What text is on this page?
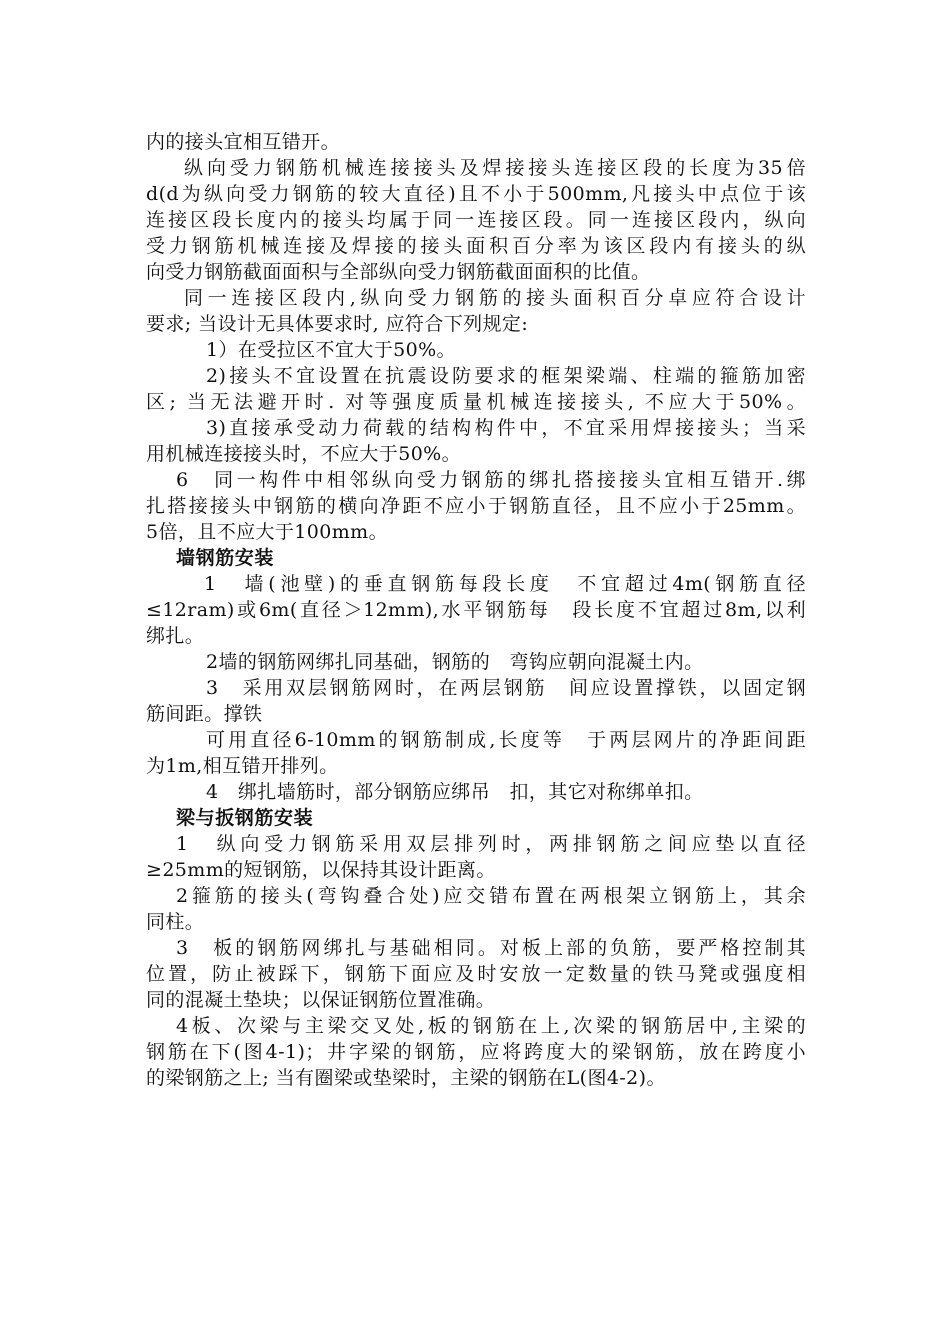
内的接头宜相互错开。
纵向受力钢筋机械连接接头及焊接接头连接区段的长度为35倍
d(d为纵向受力钢筋的较大直径)且不小于500mm,凡接头中点位于该
连接区段长度内的接头均属于同一连接区段。同一连接区段内，纵向
受力钢筋机械连接及焊接的接头面积百分率为该区段内有接头的纵
向受力钢筋截面面积与全部纵向受力钢筋截面面积的比值。
同一连接区段内,纵向受力钢筋的接头面积百分卓应符合设计
要求; 当设计无具体要求时, 应符合下列规定:
1）在受拉区不宜大于50%。
2)接头不宜设置在抗震设防要求的框架梁端、柱端的箍筋加密
区; 当无法避开时. 对等强度质量机械连接接头, 不应大于50%。
3)直接承受动力荷载的结构构件中，不宜采用焊接接头；当采
用机械连接接头时，不应大于50%。
6　同一构件中相邻纵向受力钢筋的绑扎搭接接头宜相互错开.绑
扎搭接接头中钢筋的横向净距不应小于钢筋直径，且不应小于25mm。
5倍，且不应大于100mm。
墙钢筋安装
1　墙(池壁)的垂直钢筋每段长度　不宜超过4m(钢筋直径
≤12ram)或6m(直径＞12mm),水平钢筋每　段长度不宜超过8m,以利
绑扎。
2墙的钢筋网绑扎同基础，钢筋的　弯钩应朝向混凝土内。
3　采用双层钢筋网时，在两层钢筋　间应设置撑铁，以固定钢
筋间距。撑铁
可用直径6-10mm的钢筋制成,长度等　于两层网片的净距间距
为1m,相互错开排列。
4　绑扎墙筋时，部分钢筋应绑吊　扣，其它对称绑单扣。
梁与扳钢筋安装
1　纵向受力钢筋采用双层排列时，两排钢筋之间应垫以直径
≥25mm的短钢筋，以保持其设计距离。
2箍筋的接头(弯钩叠合处)应交错布置在两根架立钢筋上，其余
同柱。
3　板的钢筋网绑扎与基础相同。对板上部的负筋，要严格控制其
位置，防止被踩下，钢筋下面应及时安放一定数量的铁马凳或强度相
同的混凝土垫块；以保证钢筋位置准确。
4板、次梁与主梁交叉处,板的钢筋在上,次梁的钢筋居中,主梁的
钢筋在下(图4-1)；井字梁的钢筋，应将跨度大的梁钢筋，放在跨度小
的梁钢筋之上; 当有圈梁或垫梁时，主梁的钢筋在L(图4-2)。
